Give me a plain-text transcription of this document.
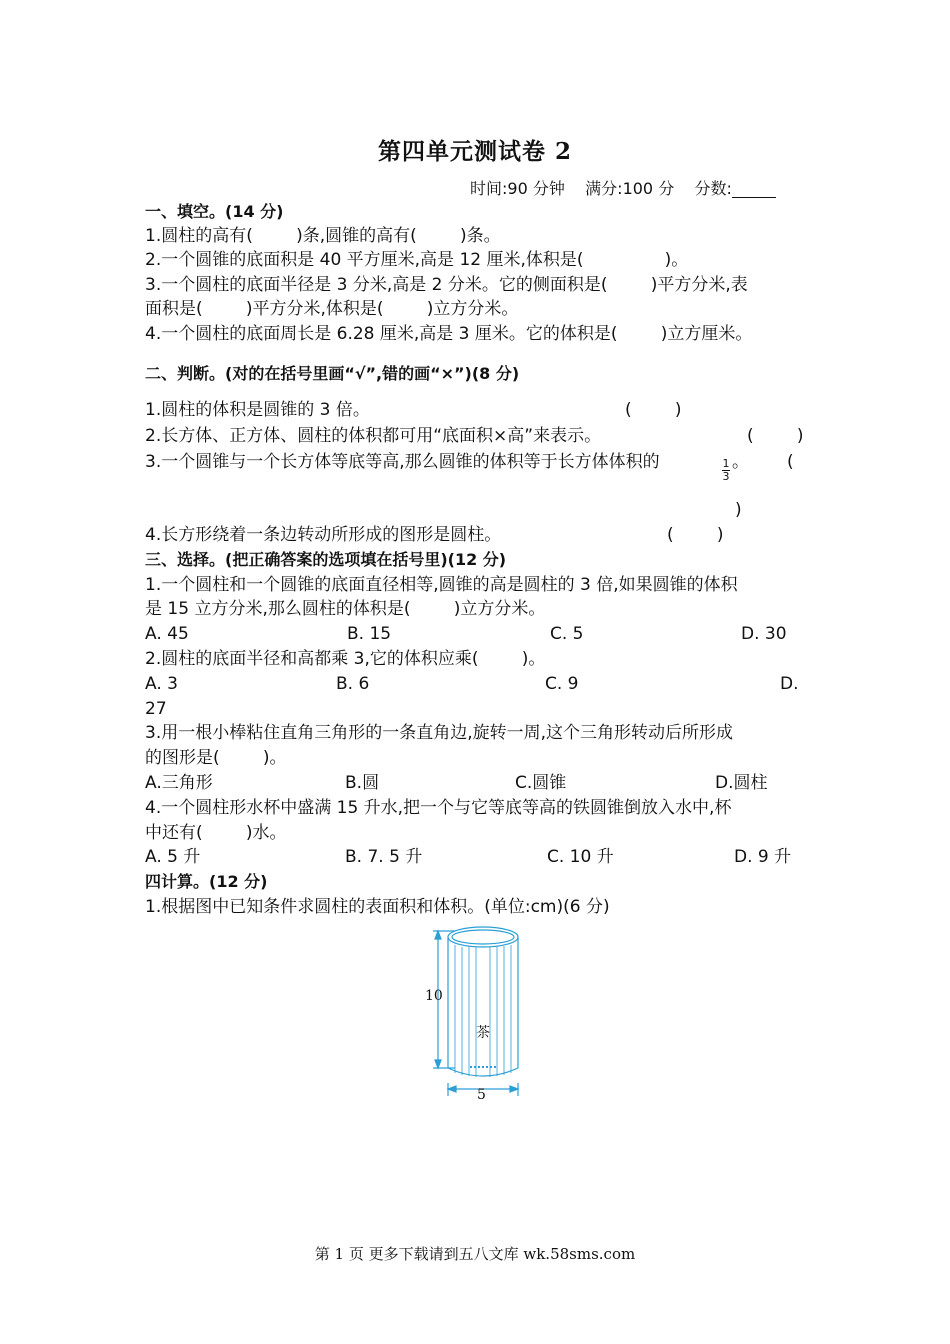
第四单元测试卷 2
时间:90 分钟    满分:100 分    分数:
一、填空。(14 分)
1.圆柱的高有(        )条,圆锥的高有(        )条。
2.一个圆锥的底面积是 40 平方厘米,高是 12 厘米,体积是(               )。
3.一个圆柱的底面半径是 3 分米,高是 2 分米。它的侧面积是(        )平方分米,表
面积是(        )平方分米,体积是(        )立方分米。
4.一个圆柱的底面周长是 6.28 厘米,高是 3 厘米。它的体积是(        )立方厘米。
二、判断。(对的在括号里画“√”,错的画“×”)(8 分)
1.圆柱的体积是圆锥的 3 倍。	(        )
2.长方体、正方体、圆柱的体积都可用“底面积×高”来表示。	(        )
3.一个圆锥与一个长方体等底等高,那么圆锥的体积等于长方体体积的	1
3
。 (
)
4.长方形绕着一条边转动所形成的图形是圆柱。	(        )
三、选择。(把正确答案的选项填在括号里)(12 分)
1.一个圆柱和一个圆锥的底面直径相等,圆锥的高是圆柱的 3 倍,如果圆锥的体积
是 15 立方分米,那么圆柱的体积是(        )立方分米。
A. 45	B. 15	C. 5	D. 30
2.圆柱的底面半径和高都乘 3,它的体积应乘(        )。
A. 3	B. 6	C. 9	D.
27
3.用一根小棒粘住直角三角形的一条直角边,旋转一周,这个三角形转动后所形成
的图形是(        )。
A.三角形	B.圆	C.圆锥	D.圆柱
4.一个圆柱形水杯中盛满 15 升水,把一个与它等底等高的铁圆锥倒放入水中,杯
中还有(        )水。
A. 5 升	B. 7. 5 升	C. 10 升	D. 9 升
四计算。(12 分)
1.根据图中已知条件求圆柱的表面积和体积。(单位:cm)(6 分)
10
茶
5
第 1 页 更多下载请到五八文库 wk.58sms.com
